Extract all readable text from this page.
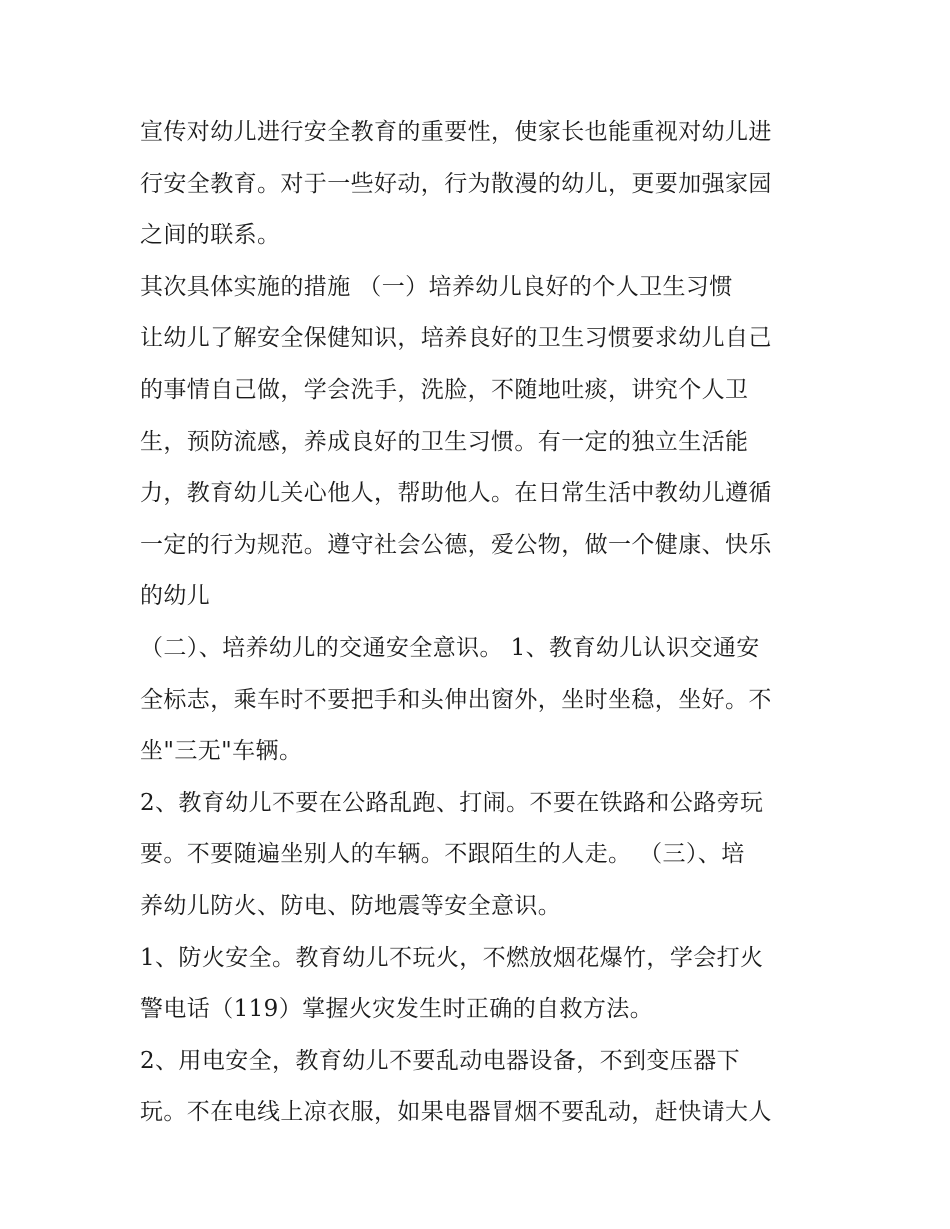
宣传对幼儿进行安全教育的重要性，使家长也能重视对幼儿进
行安全教育。对于一些好动，行为散漫的幼儿，更要加强家园
之间的联系。
其次具体实施的措施 （一）培养幼儿良好的个人卫生习惯
让幼儿了解安全保健知识，培养良好的卫生习惯要求幼儿自己
的事情自己做，学会洗手，洗脸，不随地吐痰，讲究个人卫
生，预防流感，养成良好的卫生习惯。有一定的独立生活能
力，教育幼儿关心他人，帮助他人。在日常生活中教幼儿遵循
一定的行为规范。遵守社会公德，爱公物，做一个健康、快乐
的幼儿
（二）、培养幼儿的交通安全意识。 1、教育幼儿认识交通安
全标志，乘车时不要把手和头伸出窗外，坐时坐稳，坐好。不
坐"三无"车辆。
2、教育幼儿不要在公路乱跑、打闹。不要在铁路和公路旁玩
要。不要随遍坐别人的车辆。不跟陌生的人走。 （三）、培
养幼儿防火、防电、防地震等安全意识。
1、防火安全。教育幼儿不玩火，不燃放烟花爆竹，学会打火
警电话（119）掌握火灾发生时正确的自救方法。
2、用电安全，教育幼儿不要乱动电器设备，不到变压器下
玩。不在电线上凉衣服，如果电器冒烟不要乱动，赶快请大人
